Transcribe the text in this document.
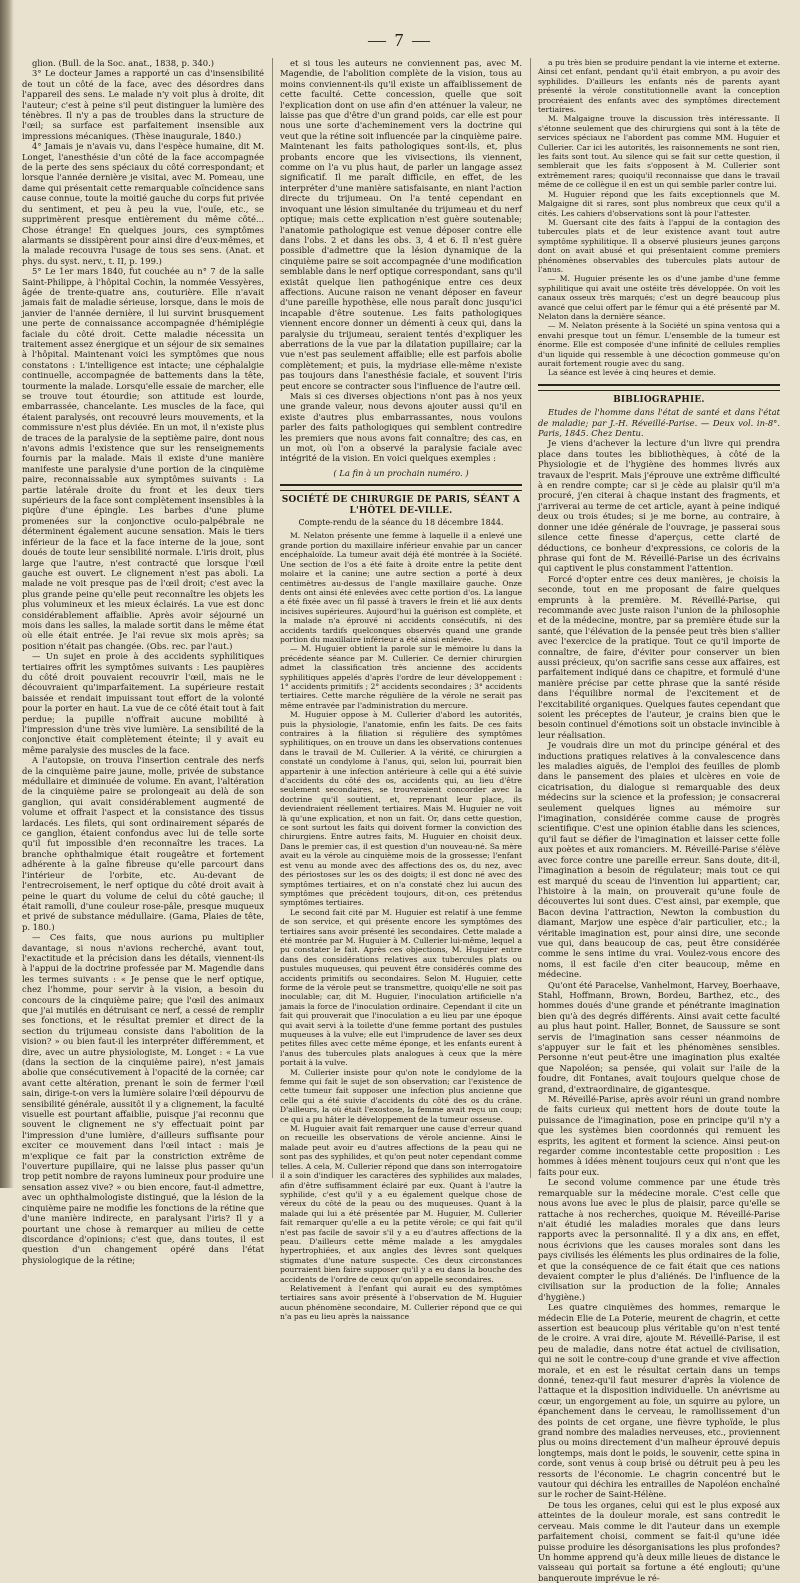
— 7 —

glion. (Bull. de la Soc. anat., 1838, p. 340.)

3° Le docteur James a rapporté un cas d'insensibilité de tout un côté de la face, avec des désordres dans l'appareil des sens. Le malade n'y voit plus à droite, dit l'auteur; c'est à peine s'il peut distinguer la lumière des ténèbres. Il n'y a pas de troubles dans la structure de l'œil; sa surface est parfaitement insensible aux impressions mécaniques. (Thèse inaugurale, 1840.)

4° Jamais je n'avais vu, dans l'espèce humaine, dit M. Longet, l'anesthésie d'un côté de la face accompagnée de la perte des sens spéciaux du côté correspondant; et lorsque l'année dernière je visitai, avec M. Pomeau, une dame qui présentait cette remarquable coïncidence sans cause connue, toute la moitié gauche du corps fut privée du sentiment, et peu à peu la vue, l'ouïe, etc., se supprimèrent presque entièrement du même côté... Chose étrange! En quelques jours, ces symptômes alarmants se dissipèrent pour ainsi dire d'eux-mêmes, et la malade recouvra l'usage de tous ses sens. (Anat. et phys. du syst. nerv., t. II, p. 199.)

5° Le 1er mars 1840, fut couchée au n° 7 de la salle Saint-Philippe, à l'hôpital Cochin, la nommée Vessyères, âgée de trente-quatre ans, couturière. Elle n'avait jamais fait de maladie sérieuse, lorsque, dans le mois de janvier de l'année dernière, il lui survint brusquement une perte de connaissance accompagnée d'hémiplégie faciale du côté droit. Cette maladie nécessita un traitement assez énergique et un séjour de six semaines à l'hôpital. Maintenant voici les symptômes que nous constatons : L'intelligence est intacte; une céphalalgie continuelle, accompagnée de battements dans la tête, tourmente la malade. Lorsqu'elle essaie de marcher, elle se trouve tout étourdie; son attitude est lourde, embarrassée, chancelante. Les muscles de la face, qui étaient paralysés, ont recouvré leurs mouvements, et la commissure n'est plus déviée. En un mot, il n'existe plus de traces de la paralysie de la septième paire, dont nous n'avons admis l'existence que sur les renseignements fournis par la malade. Mais il existe d'une manière manifeste une paralysie d'une portion de la cinquième paire, reconnaissable aux symptômes suivants : La partie latérale droite du front et les deux tiers supérieurs de la face sont complètement insensibles à la piqûre d'une épingle. Les barbes d'une plume promenées sur la conjonctive oculo-palpébrale ne déterminent également aucune sensation. Mais le tiers inférieur de la face et la face interne de la joue, sont doués de toute leur sensibilité normale. L'iris droit, plus large que l'autre, n'est contracté que lorsque l'œil gauche est ouvert. Le clignement n'est pas aboli. La malade ne voit presque pas de l'œil droit; c'est avec la plus grande peine qu'elle peut reconnaître les objets les plus volumineux et les mieux éclairés. La vue est donc considérablement affaiblie. Après avoir séjourné un mois dans les salles, la malade sortit dans le même état où elle était entrée. Je l'ai revue six mois après; sa position n'était pas changée. (Obs. rec. par l'aut.)

— Un sujet en proie à des accidents syphilitiques tertiaires offrit les symptômes suivants : Les paupières du côté droit pouvaient recouvrir l'œil, mais ne le découvraient qu'imparfaitement. La supérieure restait baissée et rendait impuissant tout effort de la volonté pour la porter en haut. La vue de ce côté était tout à fait perdue; la pupille n'offrait aucune mobilité à l'impression d'une très vive lumière. La sensibilité de la conjonctive était complètement éteinte; il y avait eu même paralysie des muscles de la face.

A l'autopsie, on trouva l'insertion centrale des nerfs de la cinquième paire jaune, molle, privée de substance médullaire et diminuée de volume. En avant, l'altération de la cinquième paire se prolongeait au delà de son ganglion, qui avait considérablement augmenté de volume et offrait l'aspect et la consistance des tissus lardacés. Les filets, qui sont ordinairement séparés de ce ganglion, étaient confondus avec lui de telle sorte qu'il fut impossible d'en reconnaître les traces. La branche ophthalmique était rougeâtre et fortement adhérente à la gaîne fibreuse qu'elle parcourt dans l'intérieur de l'orbite, etc. Au-devant de l'entrecroisement, le nerf optique du côté droit avait à peine le quart du volume de celui du côté gauche; il était ramolli, d'une couleur rose-pâle, presque muqueux et privé de substance médullaire. (Gama, Plaies de tête, p. 180.)

— Ces faits, que nous aurions pu multiplier davantage, si nous n'avions recherché, avant tout, l'exactitude et la précision dans les détails, viennent-ils à l'appui de la doctrine professée par M. Magendie dans les termes suivants : « Je pense que le nerf optique, chez l'homme, pour servir à la vision, a besoin du concours de la cinquième paire; que l'œil des animaux que j'ai mutilés en détruisant ce nerf, a cessé de remplir ses fonctions, et le résultat premier et direct de la section du trijumeau consiste dans l'abolition de la vision? » ou bien faut-il les interpréter différemment, et dire, avec un autre physiologiste, M. Longet : « La vue (dans la section de la cinquième paire), n'est jamais abolie que consécutivement à l'opacité de la cornée; car avant cette altération, prenant le soin de fermer l'œil sain, dirige-t-on vers la lumière solaire l'œil dépourvu de sensibilité générale, aussitôt il y a clignement, la faculté visuelle est pourtant affaiblie, puisque j'ai reconnu que souvent le clignement ne s'y effectuait point par l'impression d'une lumière, d'ailleurs suffisante pour exciter ce mouvement dans l'œil intact : mais je m'explique ce fait par la constriction extrême de l'ouverture pupillaire, qui ne laisse plus passer qu'un trop petit nombre de rayons lumineux pour produire une sensation assez vive? » ou bien encore, faut-il admettre, avec un ophthalmologiste distingué, que la lésion de la cinquième paire ne modifie les fonctions de la rétine que d'une manière indirecte, en paralysant l'iris? Il y a pourtant une chose à remarquer au milieu de cette discordance d'opinions; c'est que, dans toutes, il est question d'un changement opéré dans l'état physiologique de la rétine;

et si tous les auteurs ne conviennent pas, avec M. Magendie, de l'abolition complète de la vision, tous au moins conviennent-ils qu'il existe un affaiblissement de cette faculté. Cette concession, quelle que soit l'explication dont on use afin d'en atténuer la valeur, ne laisse pas que d'être d'un grand poids, car elle est pour nous une sorte d'acheminement vers la doctrine qui veut que la rétine soit influencée par la cinquième paire. Maintenant les faits pathologiques sont-ils, et, plus probants encore que les vivisections, ils viennent, comme on l'a vu plus haut, de parler un langage assez significatif. Il me paraît difficile, en effet, de les interpréter d'une manière satisfaisante, en niant l'action directe du trijumeau. On l'a tenté cependant en invoquant une lésion simultanée du trijumeau et du nerf optique; mais cette explication n'est guère soutenable; l'anatomie pathologique est venue déposer contre elle dans l'obs. 2 et dans les obs. 3, 4 et 6. Il n'est guère possible d'admettre que la lésion dynamique de la cinquième paire se soit accompagnée d'une modification semblable dans le nerf optique correspondant, sans qu'il existât quelque lien pathogénique entre ces deux affections. Aucune raison ne venant déposer en faveur d'une pareille hypothèse, elle nous paraît donc jusqu'ici incapable d'être soutenue. Les faits pathologiques viennent encore donner un démenti à ceux qui, dans la paralysie du trijumeau, seraient tentés d'expliquer les aberrations de la vue par la dilatation pupillaire; car la vue n'est pas seulement affaiblie; elle est parfois abolie complètement; et puis, la mydriase elle-même n'existe pas toujours dans l'anesthésie faciale, et souvent l'iris peut encore se contracter sous l'influence de l'autre œil.

Mais si ces diverses objections n'ont pas à nos yeux une grande valeur, nous devons ajouter aussi qu'il en existe d'autres plus embarrassantes, nous voulons parler des faits pathologiques qui semblent contredire les premiers que nous avons fait connaître; des cas, en un mot, où l'on a observé la paralysie faciale avec intégrité de la vision. En voici quelques exemples :

( La fin à un prochain numéro. )
SOCIÉTÉ DE CHIRURGIE DE PARIS, SÉANT A L'HÔTEL DE-VILLE.
Compte-rendu de la séance du 18 décembre 1844.

M. Nelaton présente une femme à laquelle il a enlevé une grande portion du maxillaire inférieur envahie par un cancer encéphaloïde. La tumeur avait déjà été montrée à la Société. Une section de l'os a été faite à droite entre la petite dent molaire et la canine; une autre section a porté à deux centimètres au-dessus de l'angle maxillaire gauche. Onze dents ont ainsi été enlevées avec cette portion d'os. La langue a été fixée avec un fil passé à travers le frein et lié aux dents incisives supérieures. Aujourd'hui la guérison est complète, et la malade n'a éprouvé ni accidents consécutifs, ni des accidents tardifs quelconques observés quand une grande portion du maxillaire inférieur a été ainsi enlevée.

— M. Huguier obtient la parole sur le mémoire lu dans la précédente séance par M. Cullerier. Ce dernier chirurgien admet la classification très ancienne des accidents syphilitiques appelés d'après l'ordre de leur développement : 1° accidents primitifs ; 2° accidents secondaires ; 3° accidents tertiaires. Cette marche régulière de la vérole ne serait pas même entravée par l'administration du mercure.

M. Huguier oppose à M. Cullerier d'abord les autorités, puis la physiologie, l'anatomie, enfin les faits. De ces faits contraires à la filiation si régulière des symptômes syphilitiques, on en trouve un dans les observations contenues dans le travail de M. Cullerier. A la vérité, ce chirurgien a constaté un condylome à l'anus, qui, selon lui, pourrait bien appartenir à une infection antérieure à celle qui a été suivie d'accidents du côté des os, accidents qui, au lieu d'être seulement secondaires, se trouveraient concorder avec la doctrine qu'il soutient, et, reprenant leur place, ils deviendraient réellement tertiaires. Mais M. Huguier ne voit là qu'une explication, et non un fait. Or, dans cette question, ce sont surtout les faits qui doivent former la conviction des chirurgiens. Entre autres faits, M. Huguier en choisit deux. Dans le premier cas, il est question d'un nouveau-né. Sa mère avait eu la vérole au cinquième mois de la grossesse; l'enfant est venu au monde avec des affections des os, du nez, avec des périostoses sur les os des doigts; il est donc né avec des symptômes tertiaires, et on n'a constaté chez lui aucun des symptômes que précèdent toujours, dit-on, ces prétendus symptômes tertiaires.

Le second fait cité par M. Huguier est relatif à une femme de son service, et qui présente encore les symptômes des tertiaires sans avoir présenté les secondaires. Cette malade a été montrée par M. Huguier à M. Cullerier lui-même, lequel a pu constater le fait. Après ces objections, M. Huguier entre dans des considérations relatives aux tubercules plats ou pustules muqueuses, qui peuvent être considérés comme des accidents primitifs ou secondaires. Selon M. Huguier, cette forme de la vérole peut se transmettre, quoiqu'elle ne soit pas inoculable; car, dit M. Huguier, l'inoculation artificielle n'a jamais la force de l'inoculation ordinaire. Cependant il cite un fait qui prouverait que l'inoculation a eu lieu par une époque qui avait servi à la toilette d'une femme portant des pustules muqueuses à la vulve; elle eut l'imprudence de laver ses deux petites filles avec cette même éponge, et les enfants eurent à l'anus des tubercules plats analogues à ceux que la mère portait à la vulve.

M. Cullerier insiste pour qu'on note le condylome de la femme qui fait le sujet de son observation; car l'existence de cette tumeur fait supposer une infection plus ancienne que celle qui a été suivie d'accidents du côté des os du crâne. D'ailleurs, la où était l'exostose, la femme avait reçu un coup; ce qui a pu hâter le développement de la tumeur osseuse.

M. Huguier avait fait remarquer une cause d'erreur quand on recueille les observations de vérole ancienne. Ainsi le malade peut avoir eu d'autres affections de la peau qui ne sont pas des syphilides, et qu'on peut noter cependant comme telles. A cela, M. Cullerier répond que dans son interrogatoire il a soin d'indiquer les caractères des syphilides aux malades, afin d'être suffisamment éclairé par eux. Quant à l'autre la syphilide, c'est qu'il y a eu également quelque chose de véreux du côté de la peau ou des muqueuses. Quant à la malade qui lui a été présentée par M. Huguier, M. Cullerier fait remarquer qu'elle a eu la petite vérole; ce qui fait qu'il n'est pas facile de savoir s'il y a eu d'autres affections de la peau. D'ailleurs cette même malade a les amygdales hypertrophiées, et aux angles des lèvres sont quelques stigmates d'une nature suspecte. Ces deux circonstances pourraient bien faire supposer qu'il y a eu dans la bouche des accidents de l'ordre de ceux qu'on appelle secondaires.

Relativement à l'enfant qui aurait eu des symptômes tertiaires sans avoir présenté à l'observation de M. Huguier aucun phénomène secondaire, M. Cullerier répond que ce qui n'a pas eu lieu après la naissance

a pu très bien se produire pendant la vie interne et externe. Ainsi cet enfant, pendant qu'il était embryon, a pu avoir des syphilides. D'ailleurs les enfants nés de parents ayant présenté la vérole constitutionnelle avant la conception procréaient des enfants avec des symptômes directement tertiaires.

M. Malgaigne trouve la discussion très intéressante. Il s'étonne seulement que des chirurgiens qui sont à la tête de services spéciaux ne l'abordent pas comme MM. Huguier et Cullerier. Car ici les autorités, les raisonnements ne sont rien, les faits sont tout. Au silence qui se fait sur cette question, il semblerait que les faits s'opposent à M. Cullerier sont extrêmement rares; quoiqu'il reconnaisse que dans le travail même de ce collègue il en est un qui semble parler contre lui.

M. Huguier répond que les faits exceptionnels que M. Malgaigne dit si rares, sont plus nombreux que ceux qu'il a cités. Les cahiers d'observations sont là pour l'attester.

M. Guersant cite des faits à l'appui de la contagion des tubercules plats et de leur existence avant tout autre symptôme syphilitique. Il a observé plusieurs jeunes garçons dont on avait abusé et qui présentaient comme premiers phénomènes observables des tubercules plats autour de l'anus.

— M. Huguier présente les os d'une jambe d'une femme syphilitique qui avait une ostéite très développée. On voit les canaux osseux très marqués; c'est un degré beaucoup plus avancé que celui offert par le fémur qui a été présenté par M. Nelaton dans la dernière séance.

— M. Nelaton présente à la Société un spina ventosa qui a envahi presque tout un fémur. L'ensemble de la tumeur est énorme. Elle est composée d'une infinité de cellules remplies d'un liquide qui ressemble à une décoction gommeuse qu'on aurait fortement rougie avec du sang.

La séance est levée à cinq heures et demie.

BIBLIOGRAPHIE.

Etudes de l'homme dans l'état de santé et dans l'état de maladie; par J.-H. Réveillé-Parise. — Deux vol. in-8°. Paris, 1845. Chez Dentu.

Je viens d'achever la lecture d'un livre qui prendra place dans toutes les bibliothèques, à côté de la Physiologie et de l'hygiène des hommes livrés aux travaux de l'esprit. Mais j'éprouve une extrême difficulté à en rendre compte; car si je cède au plaisir qu'il m'a procuré, j'en citerai à chaque instant des fragments, et j'arriverai au terme de cet article, ayant à peine indiqué deux ou trois études; si je me borne, au contraire, à donner une idée générale de l'ouvrage, je passerai sous silence cette finesse d'aperçus, cette clarté de déductions, ce bonheur d'expressions, ce coloris de la phrase qui font de M. Réveillé-Parise un des écrivains qui captivent le plus constamment l'attention.

Forcé d'opter entre ces deux manières, je choisis la seconde, tout en me proposant de faire quelques emprunts à la première. M. Réveillé-Parise, qui recommande avec juste raison l'union de la philosophie et de la médecine, montre, par sa première étude sur la santé, que l'élévation de la pensée peut très bien s'allier avec l'exercice de la pratique. Tout ce qu'il importe de connaître, de faire, d'éviter pour conserver un bien aussi précieux, qu'on sacrifie sans cesse aux affaires, est parfaitement indiqué dans ce chapitre, et formulé d'une manière précise par cette phrase que la santé réside dans l'équilibre normal de l'excitement et de l'excitabilité organiques. Quelques fautes cependant que soient les préceptes de l'auteur, je crains bien que le besoin continuel d'émotions soit un obstacle invincible à leur réalisation.

Je voudrais dire un mot du principe général et des inductions pratiques relatives à la convalescence dans les maladies aiguës, de l'emploi des feuilles de plomb dans le pansement des plaies et ulcères en voie de cicatrisation, du dialogue si remarquable des deux médecins sur la science et la profession; je consacrerai seulement quelques lignes au mémoire sur l'imagination, considérée comme cause de progrès scientifique. C'est une opinion établie dans les sciences, qu'il faut se défier de l'imagination et laisser cette folle aux poètes et aux romanciers. M. Réveillé-Parise s'élève avec force contre une pareille erreur. Sans doute, dit-il, l'imagination a besoin de régulateur; mais tout ce qui est marqué du sceau de l'invention lui appartient; car, l'histoire à la main, on prouverait qu'une foule de découvertes lui sont dues. C'est ainsi, par exemple, que Bacon devina l'attraction, Newton la combustion du diamant, Marjow une espèce d'air particulier, etc.; la véritable imagination est, pour ainsi dire, une seconde vue qui, dans beaucoup de cas, peut être considérée comme le sens intime du vrai. Voulez-vous encore des noms, il est facile d'en citer beaucoup, même en médecine.

Qu'ont été Paracelse, Vanhelmont, Harvey, Boerhaave, Stahl, Hoffmann, Brown, Bordeu, Barthez, etc., des hommes doués d'une grande et pénétrante imagination bien qu'à des degrés différents. Ainsi avait cette faculté au plus haut point. Haller, Bonnet, de Saussure se sont servis de l'imagination sans cesser néanmoins de s'appuyer sur le fait et les phénomènes sensibles. Personne n'eut peut-être une imagination plus exaltée que Napoléon; sa pensée, qui volait sur l'aile de la foudre, dit Fontanes, avait toujours quelque chose de grand, d'extraordinaire, de gigantesque.

M. Réveillé-Parise, après avoir réuni un grand nombre de faits curieux qui mettent hors de doute toute la puissance de l'imagination, pose en principe qu'il n'y a que les systèmes bien coordonnés qui remuent les esprits, les agitent et forment la science. Ainsi peut-on regarder comme incontestable cette proposition : Les hommes à idées mènent toujours ceux qui n'ont que les faits pour eux.

Le second volume commence par une étude très remarquable sur la médecine morale. C'est celle que nous avons lue avec le plus de plaisir, parce qu'elle se rattache à nos recherches, quoique M. Réveillé-Parise n'ait étudié les maladies morales que dans leurs rapports avec la personnalité. Il y a dix ans, en effet, nous écrivions que les causes morales sont dans les pays civilisés les éléments les plus ordinaires de la folie, et que la conséquence de ce fait était que ces nations devaient compter le plus d'aliénés. De l'influence de la civilisation sur la production de la folie; Annales d'hygiène.)

Les quatre cinquièmes des hommes, remarque le médecin Elie de La Poterie, meurent de chagrin, et cette assertion est beaucoup plus véritable qu'on n'est tenté de le croire. A vrai dire, ajoute M. Réveillé-Parise, il est peu de maladie, dans notre état actuel de civilisation, qui ne soit le contre-coup d'une grande et vive affection morale, et en est le résultat certain dans un temps donné, tenez-qu'il faut mesurer d'après la violence de l'attaque et la disposition individuelle. Un anévrisme au cœur, un engorgement au foie, un squirre au pylore, un épanchement dans le cerveau, le ramollissement d'un des points de cet organe, une fièvre typhoïde, le plus grand nombre des maladies nerveuses, etc., proviennent plus ou moins directement d'un malheur éprouvé depuis longtemps, mais dont le poids, le souvenir, cette spina in corde, sont venus à coup brisé ou détruit peu à peu les ressorts de l'économie. Le chagrin concentré but le vautour qui déchira les entrailles de Napoléon enchaîné sur le rocher de Saint-Hélène.

De tous les organes, celui qui est le plus exposé aux atteintes de la douleur morale, est sans contredit le cerveau. Mais comme le dit l'auteur dans un exemple parfaitement choisi, comment se fait-il qu'une idée puisse produire les désorganisations les plus profondes? Un homme apprend qu'à deux mille lieues de distance le vaisseau qui portait sa fortune a été englouti; qu'une banqueroute imprévue le ré-
